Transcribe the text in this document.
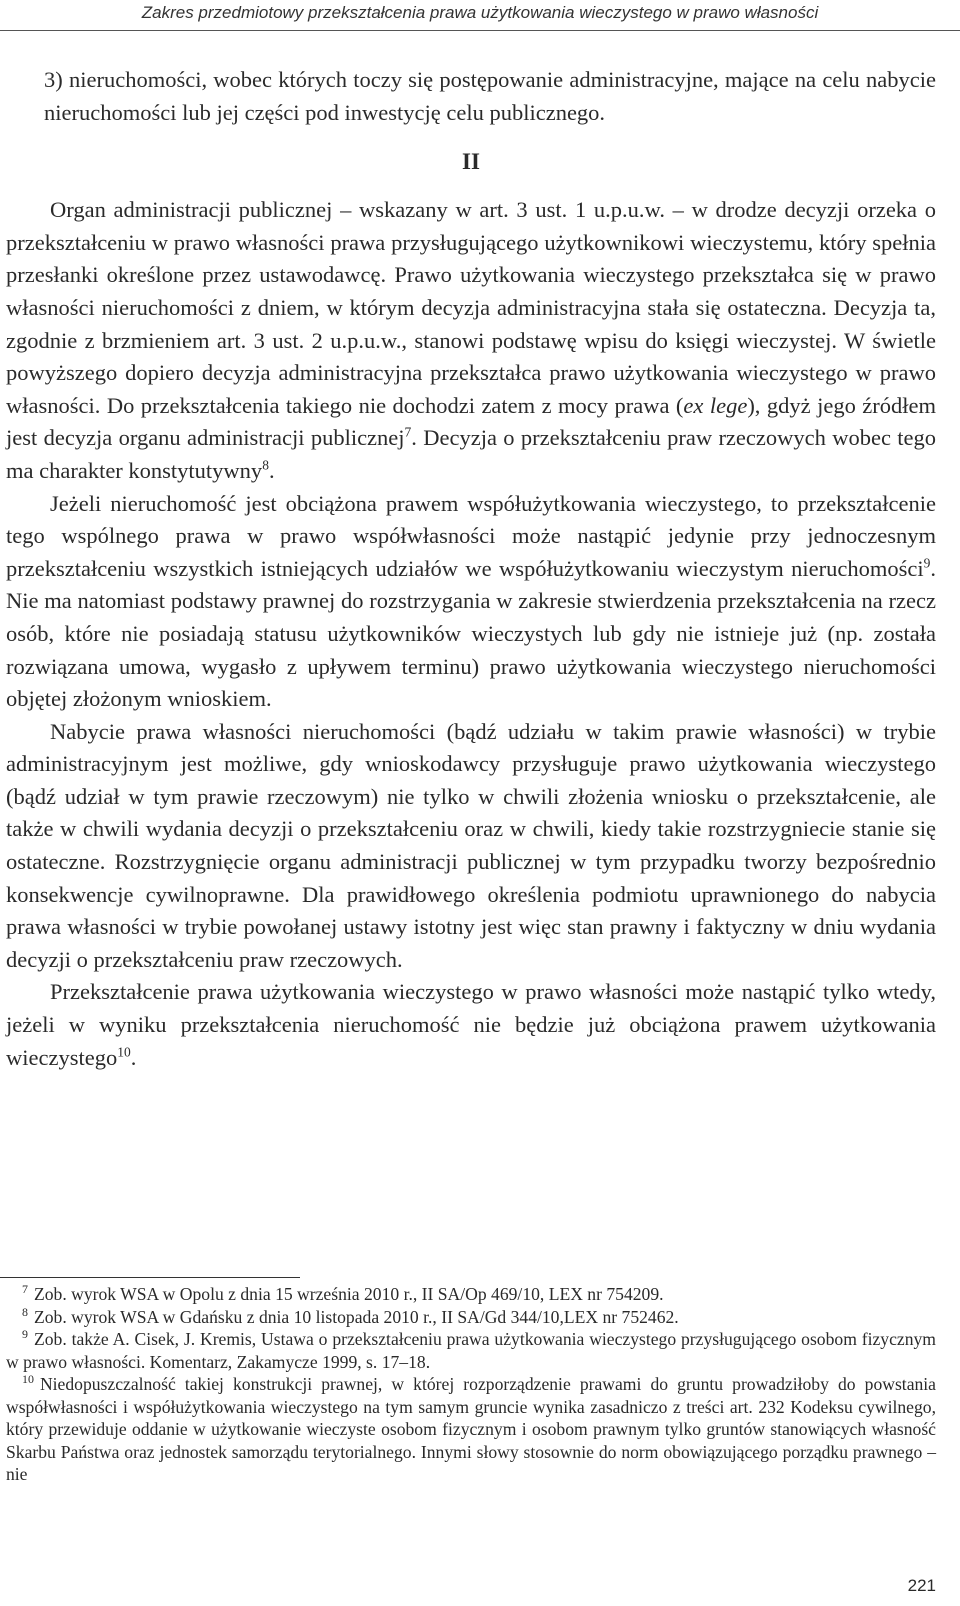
Zakres przedmiotowy przekształcenia prawa użytkowania wieczystego w prawo własności

3) nieruchomości, wobec których toczy się postępowanie administracyjne, mające na celu nabycie nieruchomości lub jej części pod inwestycję celu publicznego.

II

Organ administracji publicznej – wskazany w art. 3 ust. 1 u.p.u.w. – w drodze decyzji orzeka o przekształceniu w prawo własności prawa przysługującego użytkownikowi wieczystemu, który spełnia przesłanki określone przez ustawodawcę. Prawo użytkowania wieczystego przekształca się w prawo własności nieruchomości z dniem, w którym decyzja administracyjna stała się ostateczna. Decyzja ta, zgodnie z brzmieniem art. 3 ust. 2 u.p.u.w., stanowi podstawę wpisu do księgi wieczystej. W świetle powyższego dopiero decyzja administracyjna przekształca prawo użytkowania wieczystego w prawo własności. Do przekształcenia takiego nie dochodzi zatem z mocy prawa (ex lege), gdyż jego źródłem jest decyzja organu administracji publicznej$^7$. Decyzja o przekształceniu praw rzeczowych wobec tego ma charakter konstytutywny$^8$.

Jeżeli nieruchomość jest obciążona prawem współużytkowania wieczystego, to przekształcenie tego wspólnego prawa w prawo współwłasności może nastąpić jedynie przy jednoczesnym przekształceniu wszystkich istniejących udziałów we współużytkowaniu wieczystym nieruchomości$^9$. Nie ma natomiast podstawy prawnej do rozstrzygania w zakresie stwierdzenia przekształcenia na rzecz osób, które nie posiadają statusu użytkowników wieczystych lub gdy nie istnieje już (np. została rozwiązana umowa, wygasło z upływem terminu) prawo użytkowania wieczystego nieruchomości objętej złożonym wnioskiem.

Nabycie prawa własności nieruchomości (bądź udziału w takim prawie własności) w trybie administracyjnym jest możliwe, gdy wnioskodawcy przysługuje prawo użytkowania wieczystego (bądź udział w tym prawie rzeczowym) nie tylko w chwili złożenia wniosku o przekształcenie, ale także w chwili wydania decyzji o przekształceniu oraz w chwili, kiedy takie rozstrzygniecie stanie się ostateczne. Rozstrzygnięcie organu administracji publicznej w tym przypadku tworzy bezpośrednio konsekwencje cywilnoprawne. Dla prawidłowego określenia podmiotu uprawnionego do nabycia prawa własności w trybie powołanej ustawy istotny jest więc stan prawny i faktyczny w dniu wydania decyzji o przekształceniu praw rzeczowych.

Przekształcenie prawa użytkowania wieczystego w prawo własności może nastąpić tylko wtedy, jeżeli w wyniku przekształcenia nieruchomość nie będzie już obciążona prawem użytkowania wieczystego$^{10}$.

$^7$ Zob. wyrok WSA w Opolu z dnia 15 września 2010 r., II SA/Op 469/10, LEX nr 754209.

$^8$ Zob. wyrok WSA w Gdańsku z dnia 10 listopada 2010 r., II SA/Gd 344/10,LEX nr 752462.

$^9$ Zob. także A. Cisek, J. Kremis, Ustawa o przekształceniu prawa użytkowania wieczystego przysługującego osobom fizycznym w prawo własności. Komentarz, Zakamycze 1999, s. 17–18.

$^{10}$ Niedopuszczalność takiej konstrukcji prawnej, w której rozporządzenie prawami do gruntu prowadziłoby do powstania współwłasności i współużytkowania wieczystego na tym samym gruncie wynika zasadniczo z treści art. 232 Kodeksu cywilnego, który przewiduje oddanie w użytkowanie wieczyste osobom fizycznym i osobom prawnym tylko gruntów stanowiących własność Skarbu Państwa oraz jednostek samorządu terytorialnego. Innymi słowy stosownie do norm obowiązującego porządku prawnego – nie

221
